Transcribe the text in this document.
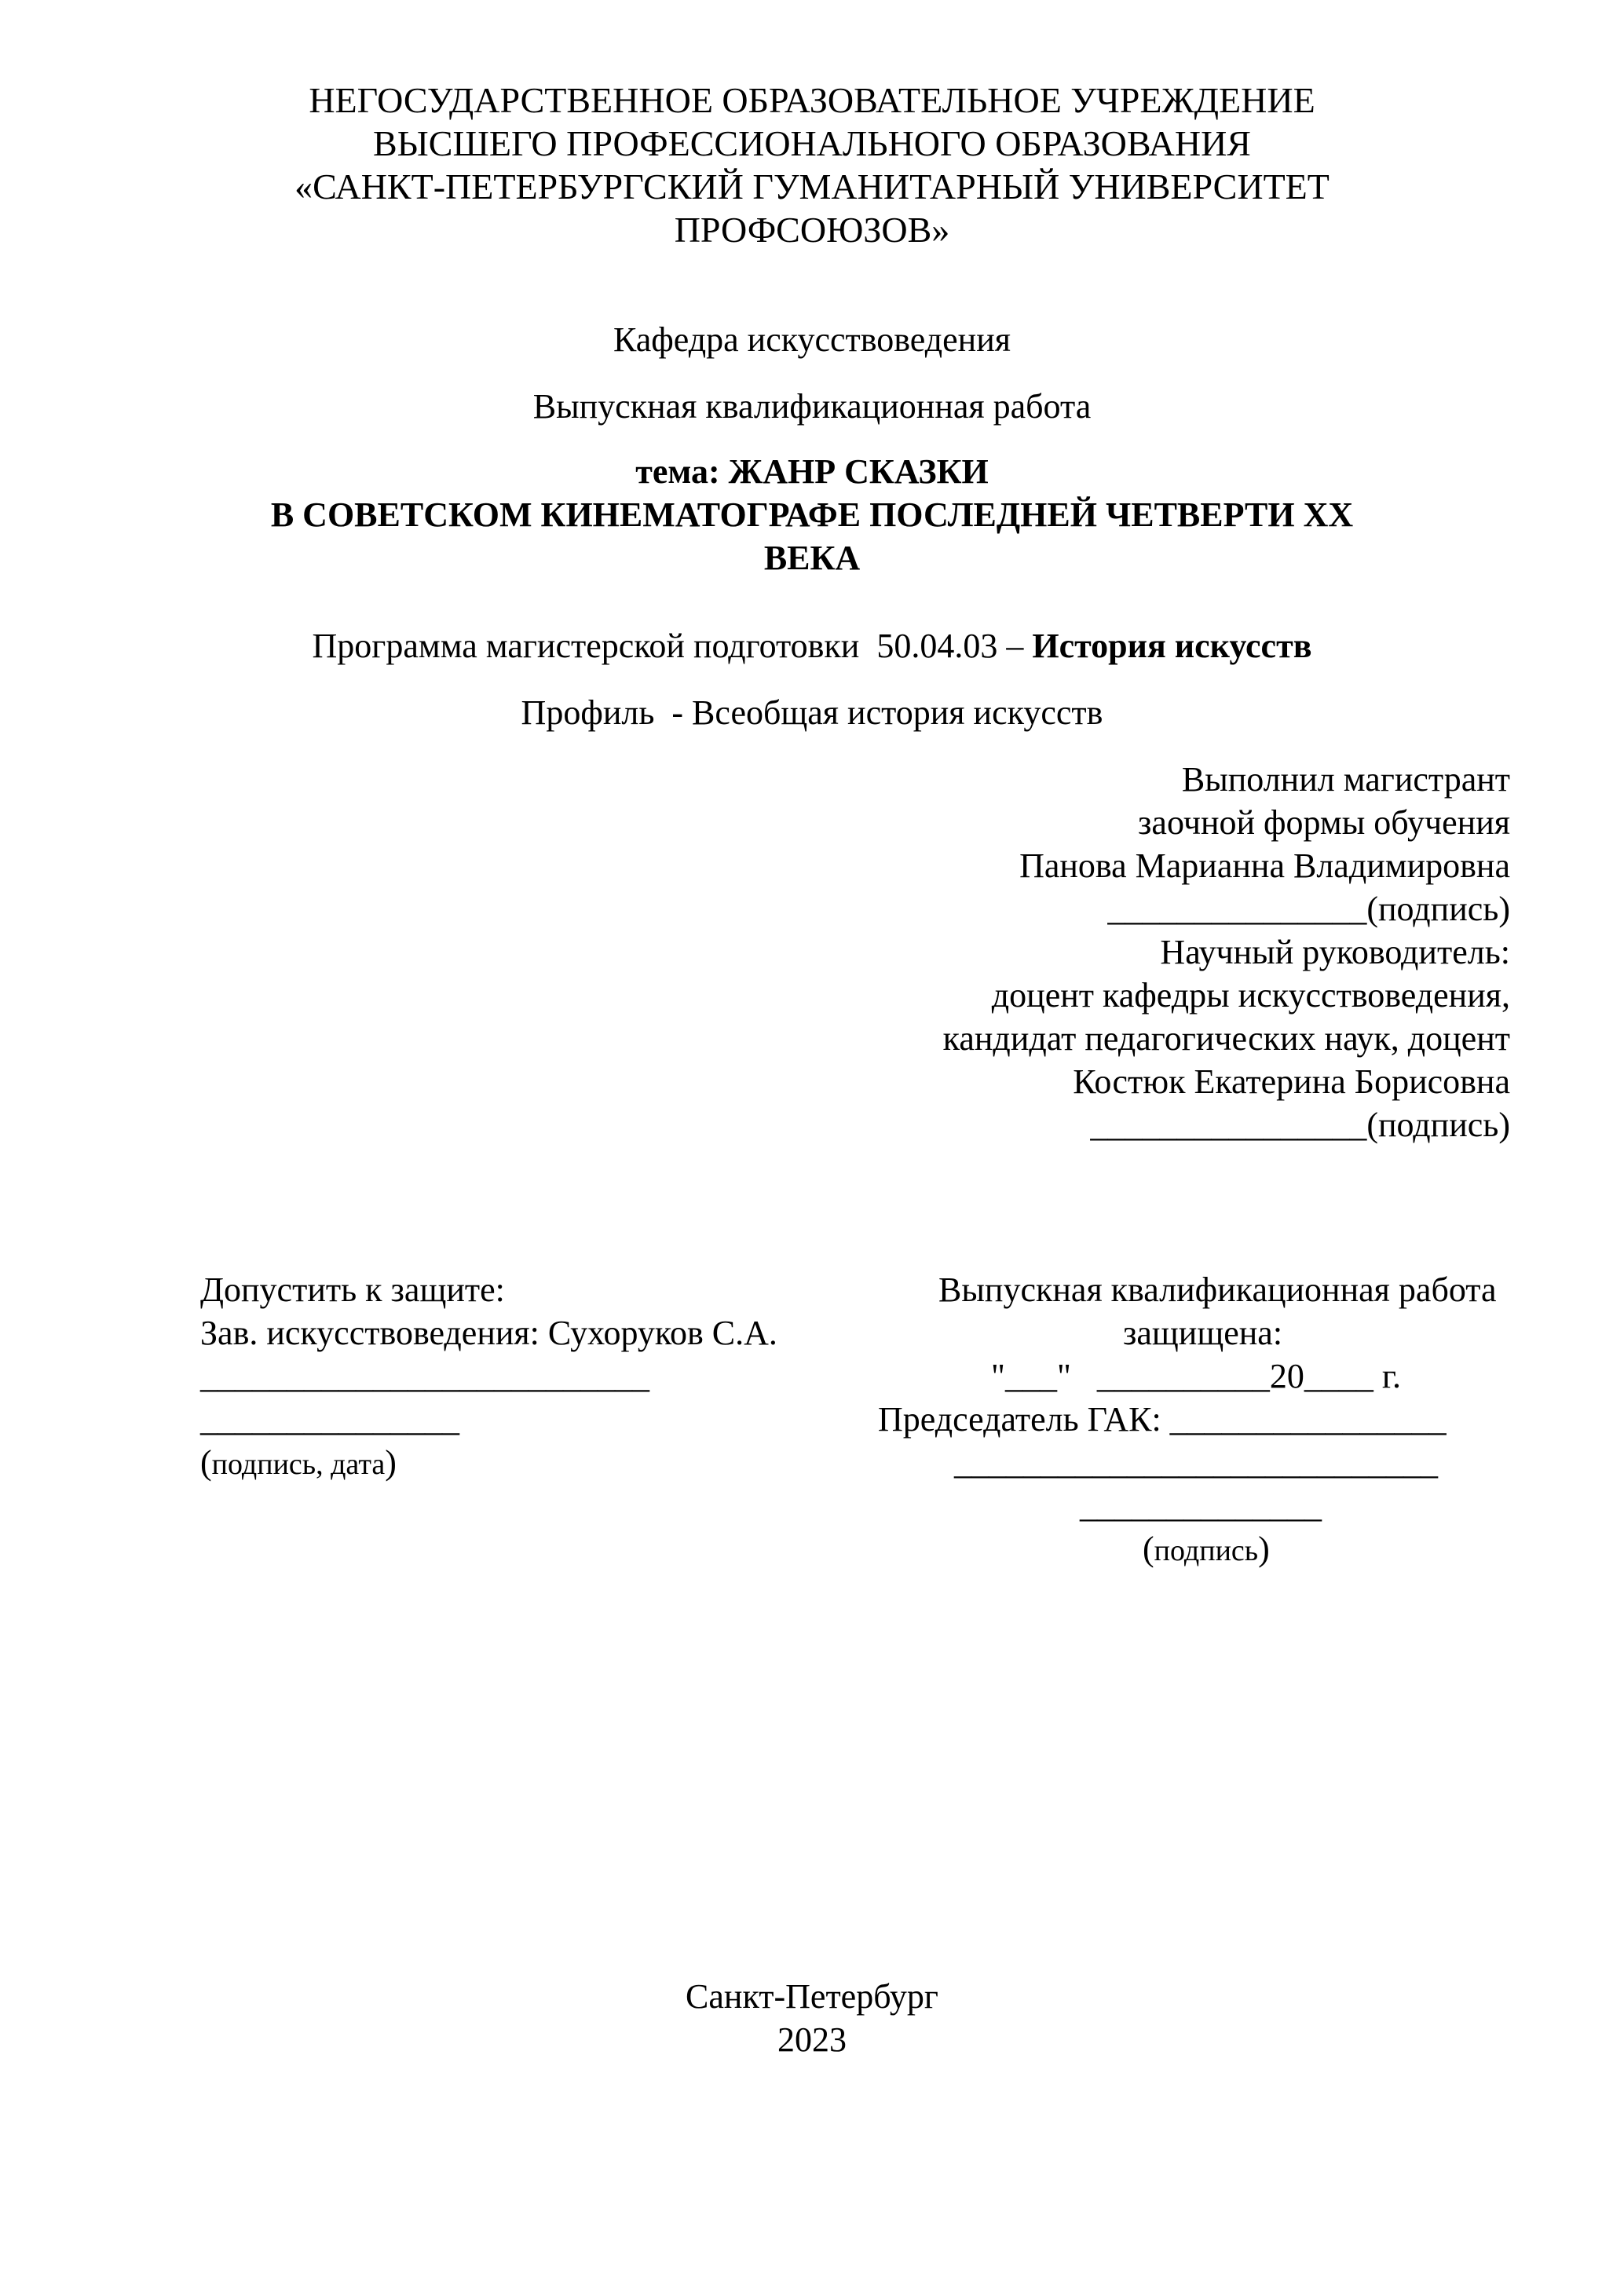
НЕГОСУДАРСТВЕННОЕ ОБРАЗОВАТЕЛЬНОЕ УЧРЕЖДЕНИЕ
ВЫСШЕГО ПРОФЕССИОНАЛЬНОГО ОБРАЗОВАНИЯ
«САНКТ-ПЕТЕРБУРГСКИЙ ГУМАНИТАРНЫЙ УНИВЕРСИТЕТ
ПРОФСОЮЗОВ»
Кафедра искусствоведения
Выпускная квалификационная работа
тема: ЖАНР СКАЗКИ
В СОВЕТСКОМ КИНЕМАТОГРАФЕ ПОСЛЕДНЕЙ ЧЕТВЕРТИ XX
ВЕКА
Программа магистерской подготовки  50.04.03 – История искусств
Профиль  - Всеобщая история искусств
Выполнил магистрант
заочной формы обучения
Панова Марианна Владимировна
_______________(подпись)
Научный руководитель:
доцент кафедры искусствоведения,
кандидат педагогических наук, доцент
Костюк Екатерина Борисовна
________________(подпись)
Допустить к защите:
Зав. искусствоведения: Сухоруков С.А.
__________________________
_______________
(подпись, дата)
Выпускная квалификационная работа
защищена:
"___"   __________20____ г.
Председатель ГАК: ________________
____________________________
______________
(подпись)
Санкт-Петербург
2023
